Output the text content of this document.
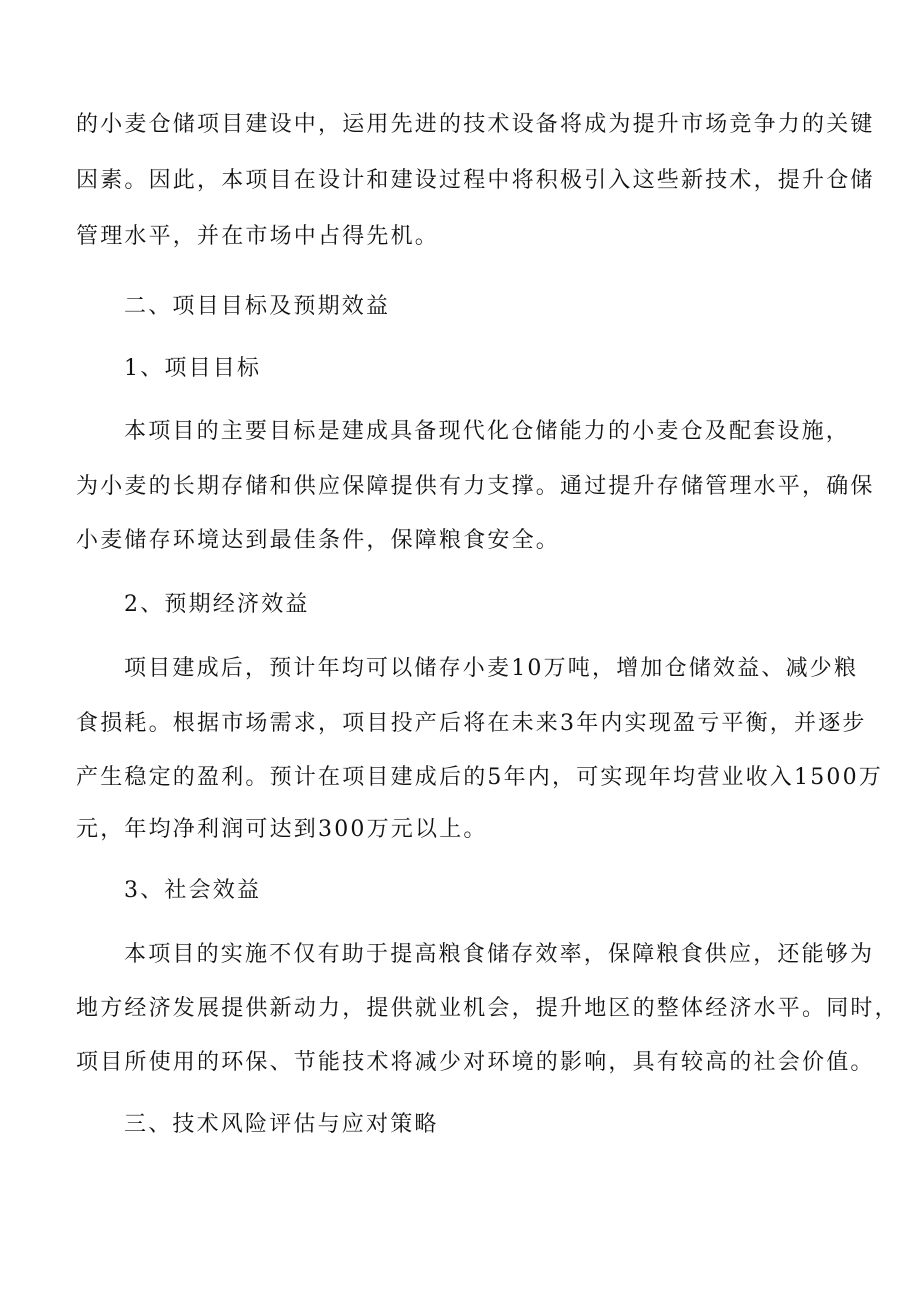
的小麦仓储项目建设中，运用先进的技术设备将成为提升市场竞争力的关键
因素。因此，本项目在设计和建设过程中将积极引入这些新技术，提升仓储
管理水平，并在市场中占得先机。
二、项目目标及预期效益
1、项目目标
本项目的主要目标是建成具备现代化仓储能力的小麦仓及配套设施，
为小麦的长期存储和供应保障提供有力支撑。通过提升存储管理水平，确保
小麦储存环境达到最佳条件，保障粮食安全。
2、预期经济效益
项目建成后，预计年均可以储存小麦10万吨，增加仓储效益、减少粮
食损耗。根据市场需求，项目投产后将在未来3年内实现盈亏平衡，并逐步
产生稳定的盈利。预计在项目建成后的5年内，可实现年均营业收入1500万
元，年均净利润可达到300万元以上。
3、社会效益
本项目的实施不仅有助于提高粮食储存效率，保障粮食供应，还能够为
地方经济发展提供新动力，提供就业机会，提升地区的整体经济水平。同时，
项目所使用的环保、节能技术将减少对环境的影响，具有较高的社会价值。
三、技术风险评估与应对策略
